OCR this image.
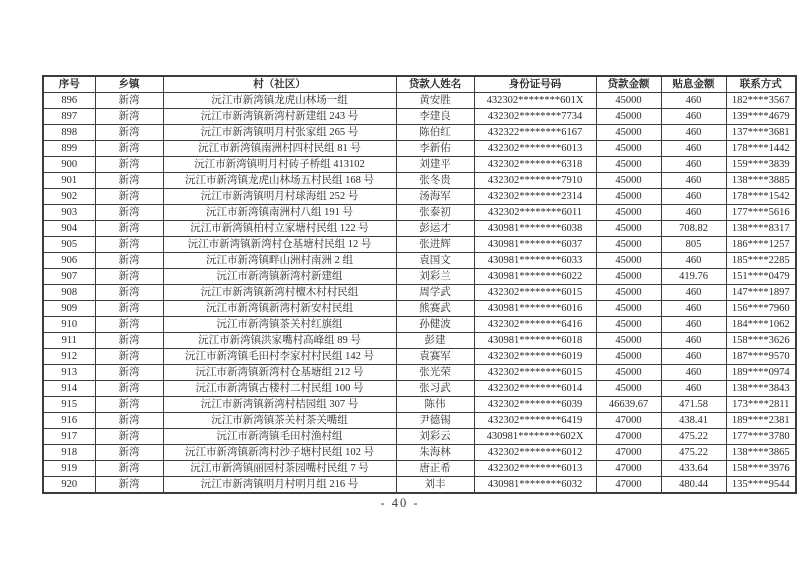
序号	乡镇	村（社区）	贷款人姓名	身份证号码	贷款金额	贴息金额	联系方式
896	新湾	沅江市新湾镇龙虎山林场一组	黄安胜	432302********601X	45000	460	182****3567
897	新湾	沅江市新湾镇新湾村新建组 243 号	李建良	432302********7734	45000	460	139****4679
898	新湾	沅江市新湾镇明月村张家组 265 号	陈伯红	432322********6167	45000	460	137****3681
899	新湾	沅江市新湾镇南洲村四村民组 81 号	李新佑	432302********6013	45000	460	178****1442
900	新湾	沅江市新湾镇明月村砖子桥组 413102	刘建平	432302********6318	45000	460	159****3839
901	新湾	沅江市新湾镇龙虎山林场五村民组 168 号	张冬贵	432302********7910	45000	460	138****3885
902	新湾	沅江市新湾镇明月村球海组 252 号	汤海军	432302********2314	45000	460	178****1542
903	新湾	沅江市新湾镇南洲村八组 191 号	张泰初	432302********6011	45000	460	177****5616
904	新湾	沅江市新湾镇柏村立家塘村民组 122 号	彭运才	430981********6038	45000	708.82	138****8317
905	新湾	沅江市新湾镇新湾村仓基塘村民组 12 号	张进辉	430981********6037	45000	805	186****1257
906	新湾	沅江市新湾镇畔山洲村南洲 2 组	袁国文	430981********6033	45000	460	185****2285
907	新湾	沅江市新湾镇新湾村新建组	刘彩兰	430981********6022	45000	419.76	151****0479
908	新湾	沅江市新湾镇新湾村檀木村村民组	周学武	432302********6015	45000	460	147****1897
909	新湾	沅江市新湾镇新湾村新安村民组	熊赛武	430981********6016	45000	460	156****7960
910	新湾	沅江市新湾镇茶关村红旗组	孙健波	432302********6416	45000	460	184****1062
911	新湾	沅江市新湾镇洪家嘴村高峰组 89 号	彭建	430981********6018	45000	460	158****3626
912	新湾	沅江市新湾镇毛田村李家村村民组 142 号	袁赛军	432302********6019	45000	460	187****9570
913	新湾	沅江市新湾镇新湾村仓基塘组 212 号	张光荣	432302********6015	45000	460	189****0974
914	新湾	沅江市新湾镇古楼村二村民组 100 号	张习武	432302********6014	45000	460	138****3843
915	新湾	沅江市新湾镇新湾村桔园组 307 号	陈伟	432302********6039	46639.67	471.58	173****2811
916	新湾	沅江市新湾镇茶关村茶关嘴组	尹德锡	432302********6419	47000	438.41	189****2381
917	新湾	沅江市新湾镇毛田村渔村组	刘彩云	430981********602X	47000	475.22	177****3780
918	新湾	沅江市新湾镇新湾村沙子塘村民组 102 号	朱海林	432302********6012	47000	475.22	138****3865
919	新湾	沅江市新湾镇丽园村茶园嘴村民组 7 号	唐正希	432302********6013	47000	433.64	158****3976
920	新湾	沅江市新湾镇明月村明月组 216 号	刘丰	430981********6032	47000	480.44	135****9544
- 40 -
